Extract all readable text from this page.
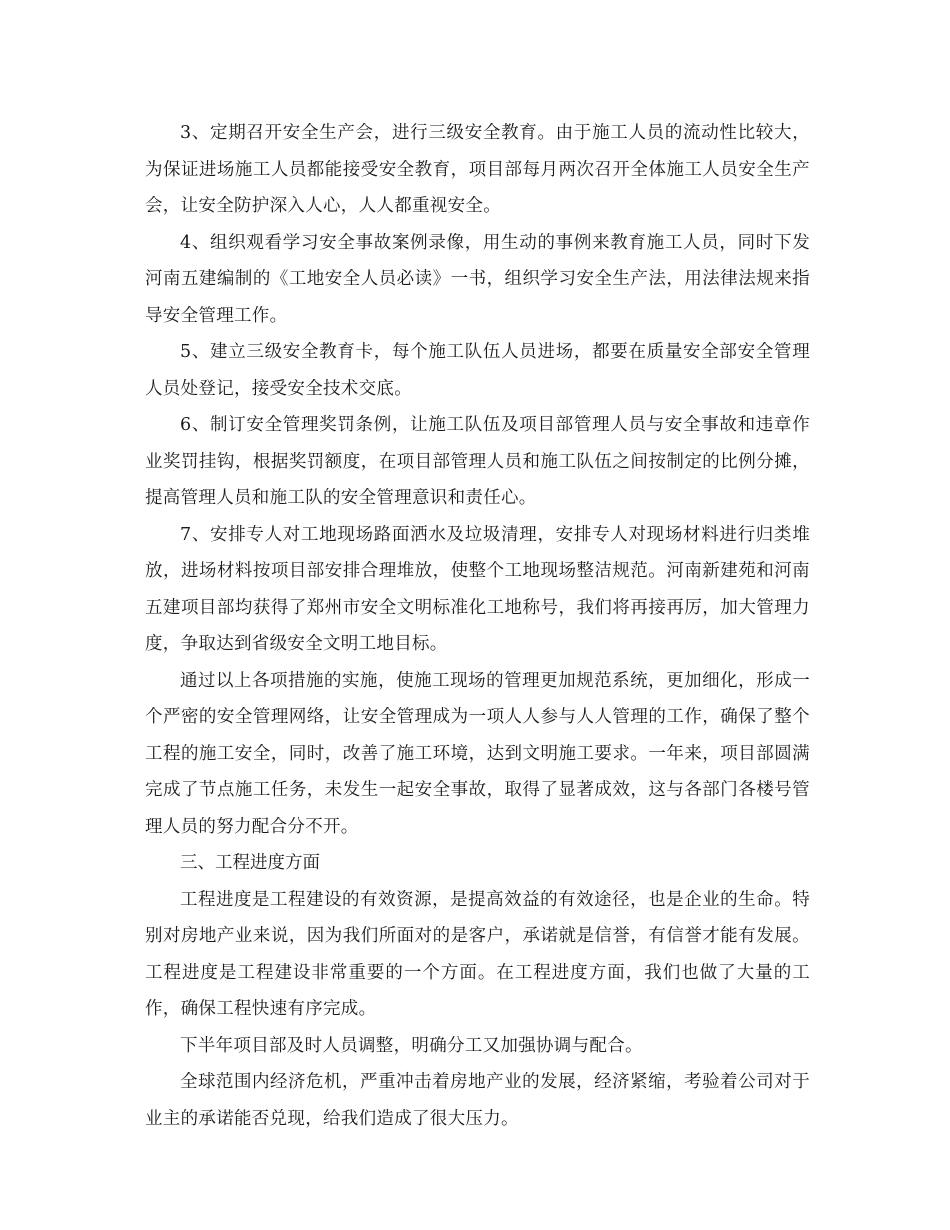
3、定期召开安全生产会，进行三级安全教育。由于施工人员的流动性比较大，为保证进场施工人员都能接受安全教育，项目部每月两次召开全体施工人员安全生产会，让安全防护深入人心，人人都重视安全。

4、组织观看学习安全事故案例录像，用生动的事例来教育施工人员，同时下发河南五建编制的《工地安全人员必读》一书，组织学习安全生产法，用法律法规来指导安全管理工作。

5、建立三级安全教育卡，每个施工队伍人员进场，都要在质量安全部安全管理人员处登记，接受安全技术交底。

6、制订安全管理奖罚条例，让施工队伍及项目部管理人员与安全事故和违章作业奖罚挂钩，根据奖罚额度，在项目部管理人员和施工队伍之间按制定的比例分摊，提高管理人员和施工队的安全管理意识和责任心。

7、安排专人对工地现场路面洒水及垃圾清理，安排专人对现场材料进行归类堆放，进场材料按项目部安排合理堆放，使整个工地现场整洁规范。河南新建苑和河南五建项目部均获得了郑州市安全文明标准化工地称号，我们将再接再厉，加大管理力度，争取达到省级安全文明工地目标。

通过以上各项措施的实施，使施工现场的管理更加规范系统，更加细化，形成一个严密的安全管理网络，让安全管理成为一项人人参与人人管理的工作，确保了整个工程的施工安全，同时，改善了施工环境，达到文明施工要求。一年来，项目部圆满完成了节点施工任务，未发生一起安全事故，取得了显著成效，这与各部门各楼号管理人员的努力配合分不开。

三、工程进度方面

工程进度是工程建设的有效资源，是提高效益的有效途径，也是企业的生命。特别对房地产业来说，因为我们所面对的是客户，承诺就是信誉，有信誉才能有发展。工程进度是工程建设非常重要的一个方面。在工程进度方面，我们也做了大量的工作，确保工程快速有序完成。

下半年项目部及时人员调整，明确分工又加强协调与配合。

全球范围内经济危机，严重冲击着房地产业的发展，经济紧缩，考验着公司对于业主的承诺能否兑现，给我们造成了很大压力。
